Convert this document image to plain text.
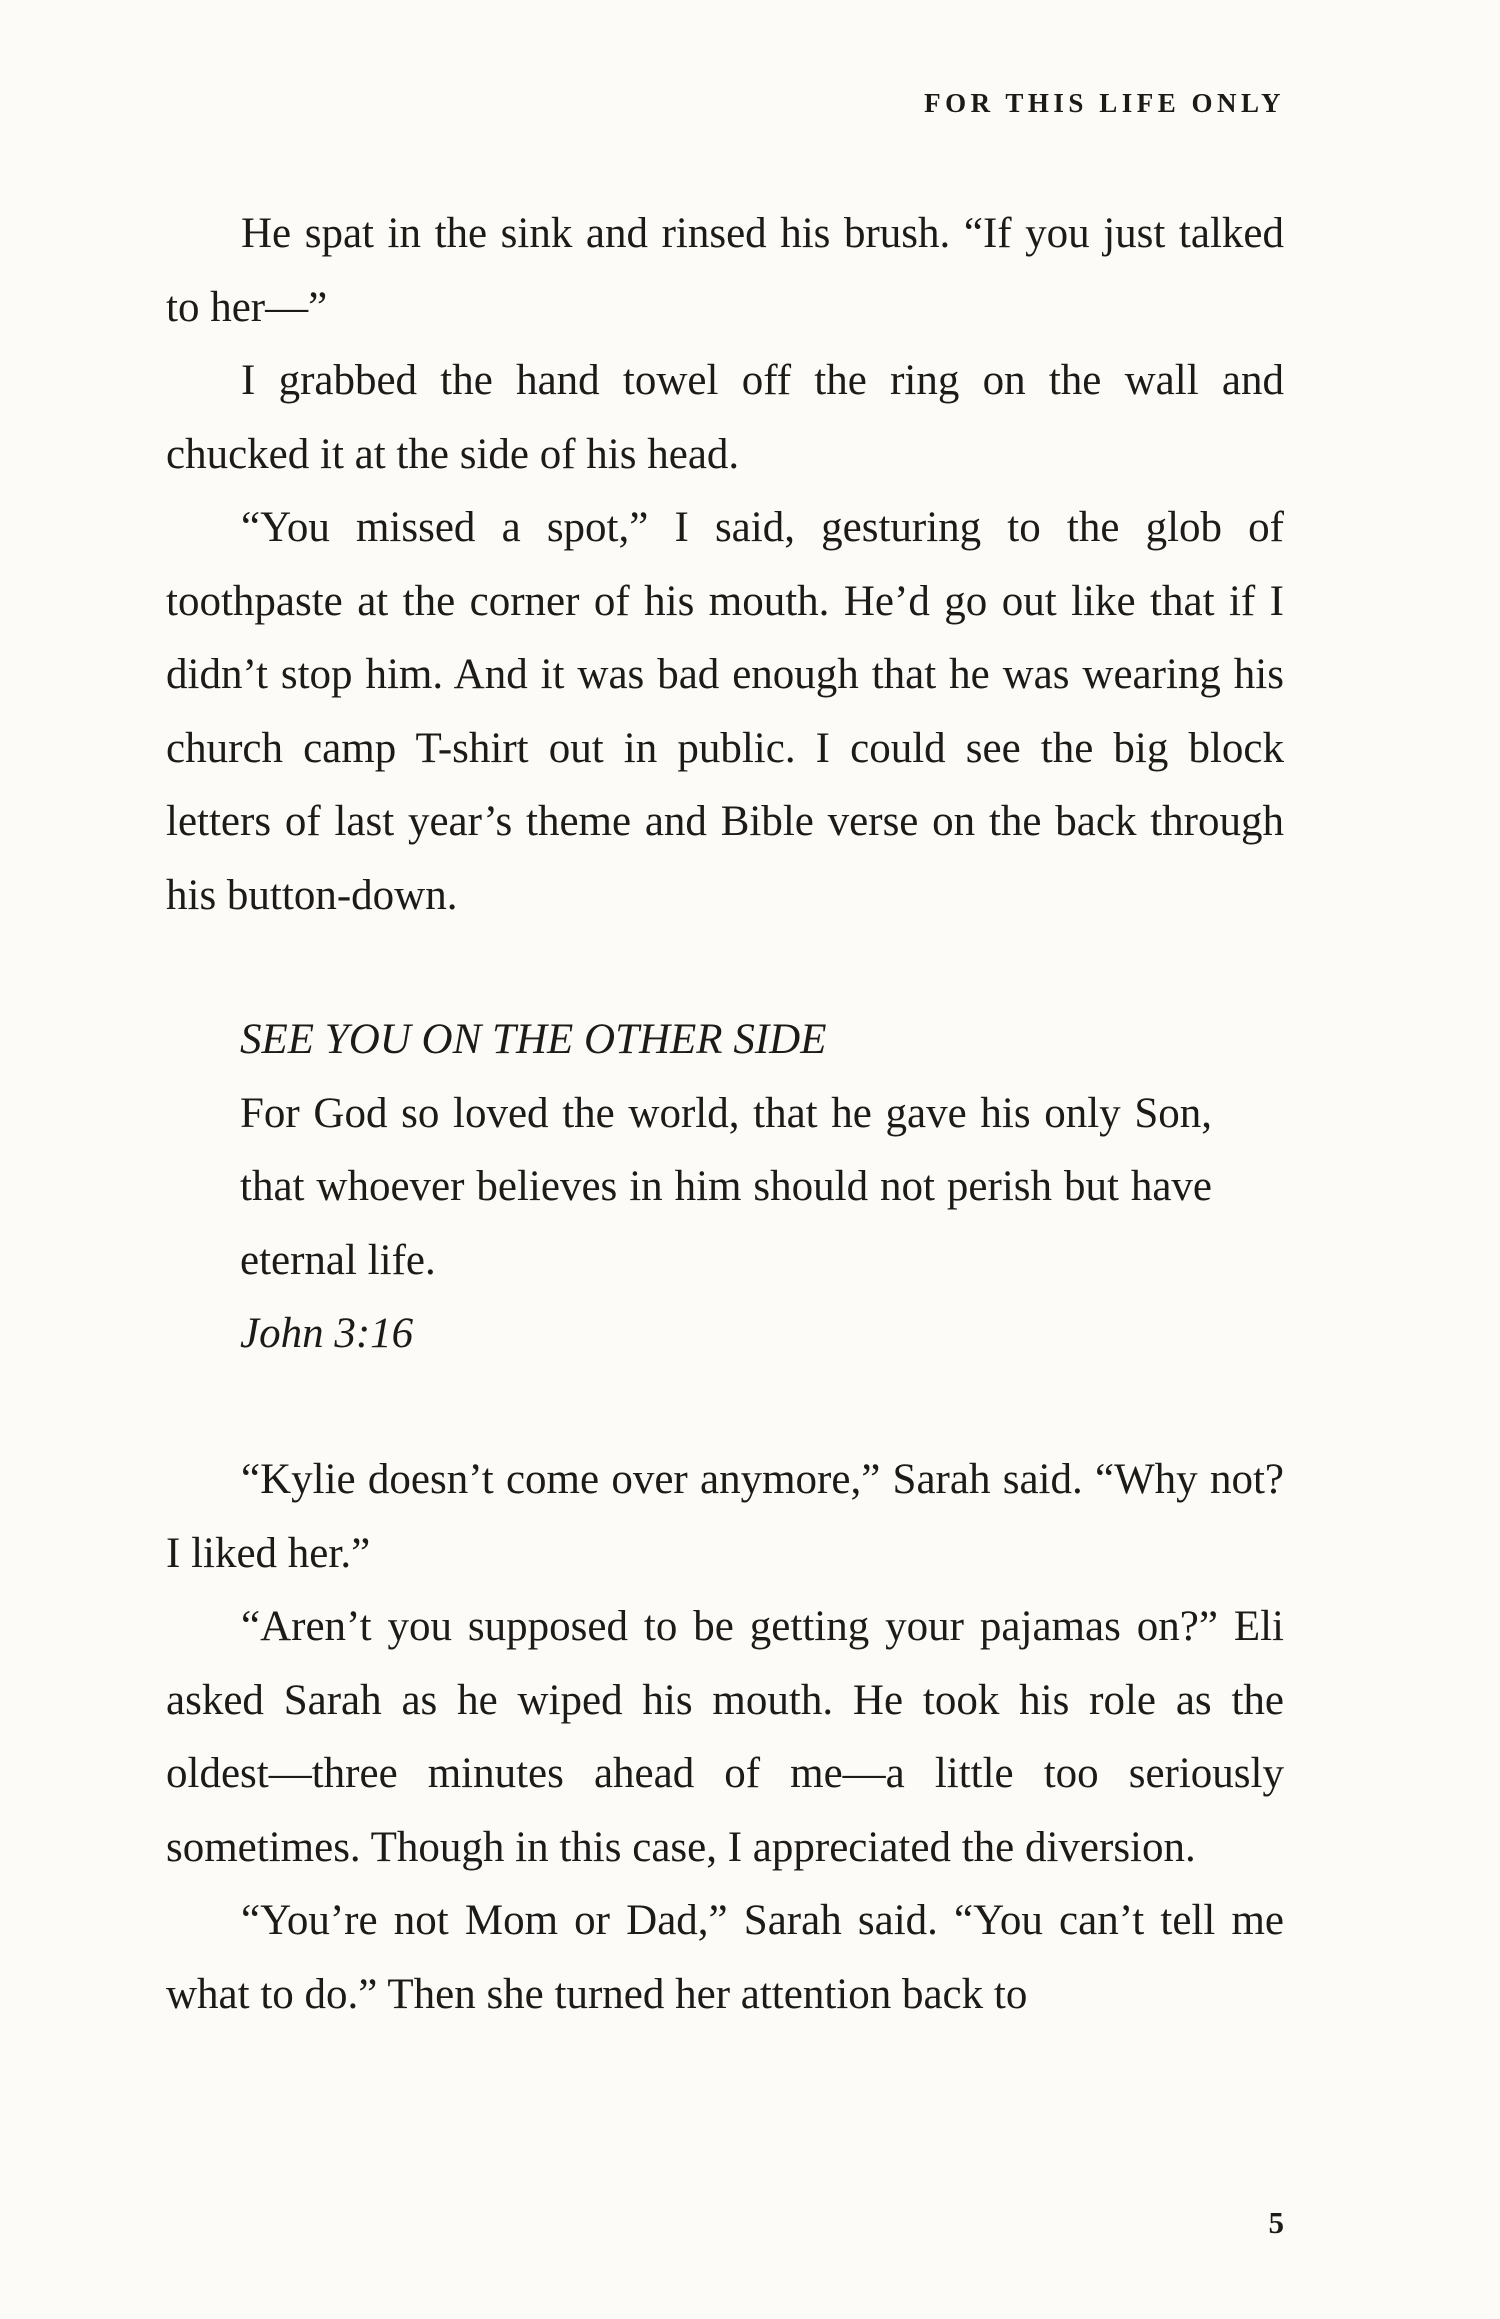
FOR THIS LIFE ONLY

He spat in the sink and rinsed his brush. “If you just talked to her—”

I grabbed the hand towel off the ring on the wall and chucked it at the side of his head.

“You missed a spot,” I said, gesturing to the glob of toothpaste at the corner of his mouth. He’d go out like that if I didn’t stop him. And it was bad enough that he was wearing his church camp T-shirt out in public. I could see the big block letters of last year’s theme and Bible verse on the back through his button-down.

SEE YOU ON THE OTHER SIDE

For God so loved the world, that he gave his only Son, that whoever believes in him should not perish but have eternal life.

John 3:16

“Kylie doesn’t come over anymore,” Sarah said. “Why not? I liked her.”

“Aren’t you supposed to be getting your pajamas on?” Eli asked Sarah as he wiped his mouth. He took his role as the oldest—three minutes ahead of me—a little too seriously sometimes. Though in this case, I appreciated the diversion.

“You’re not Mom or Dad,” Sarah said. “You can’t tell me what to do.” Then she turned her attention back to

5
